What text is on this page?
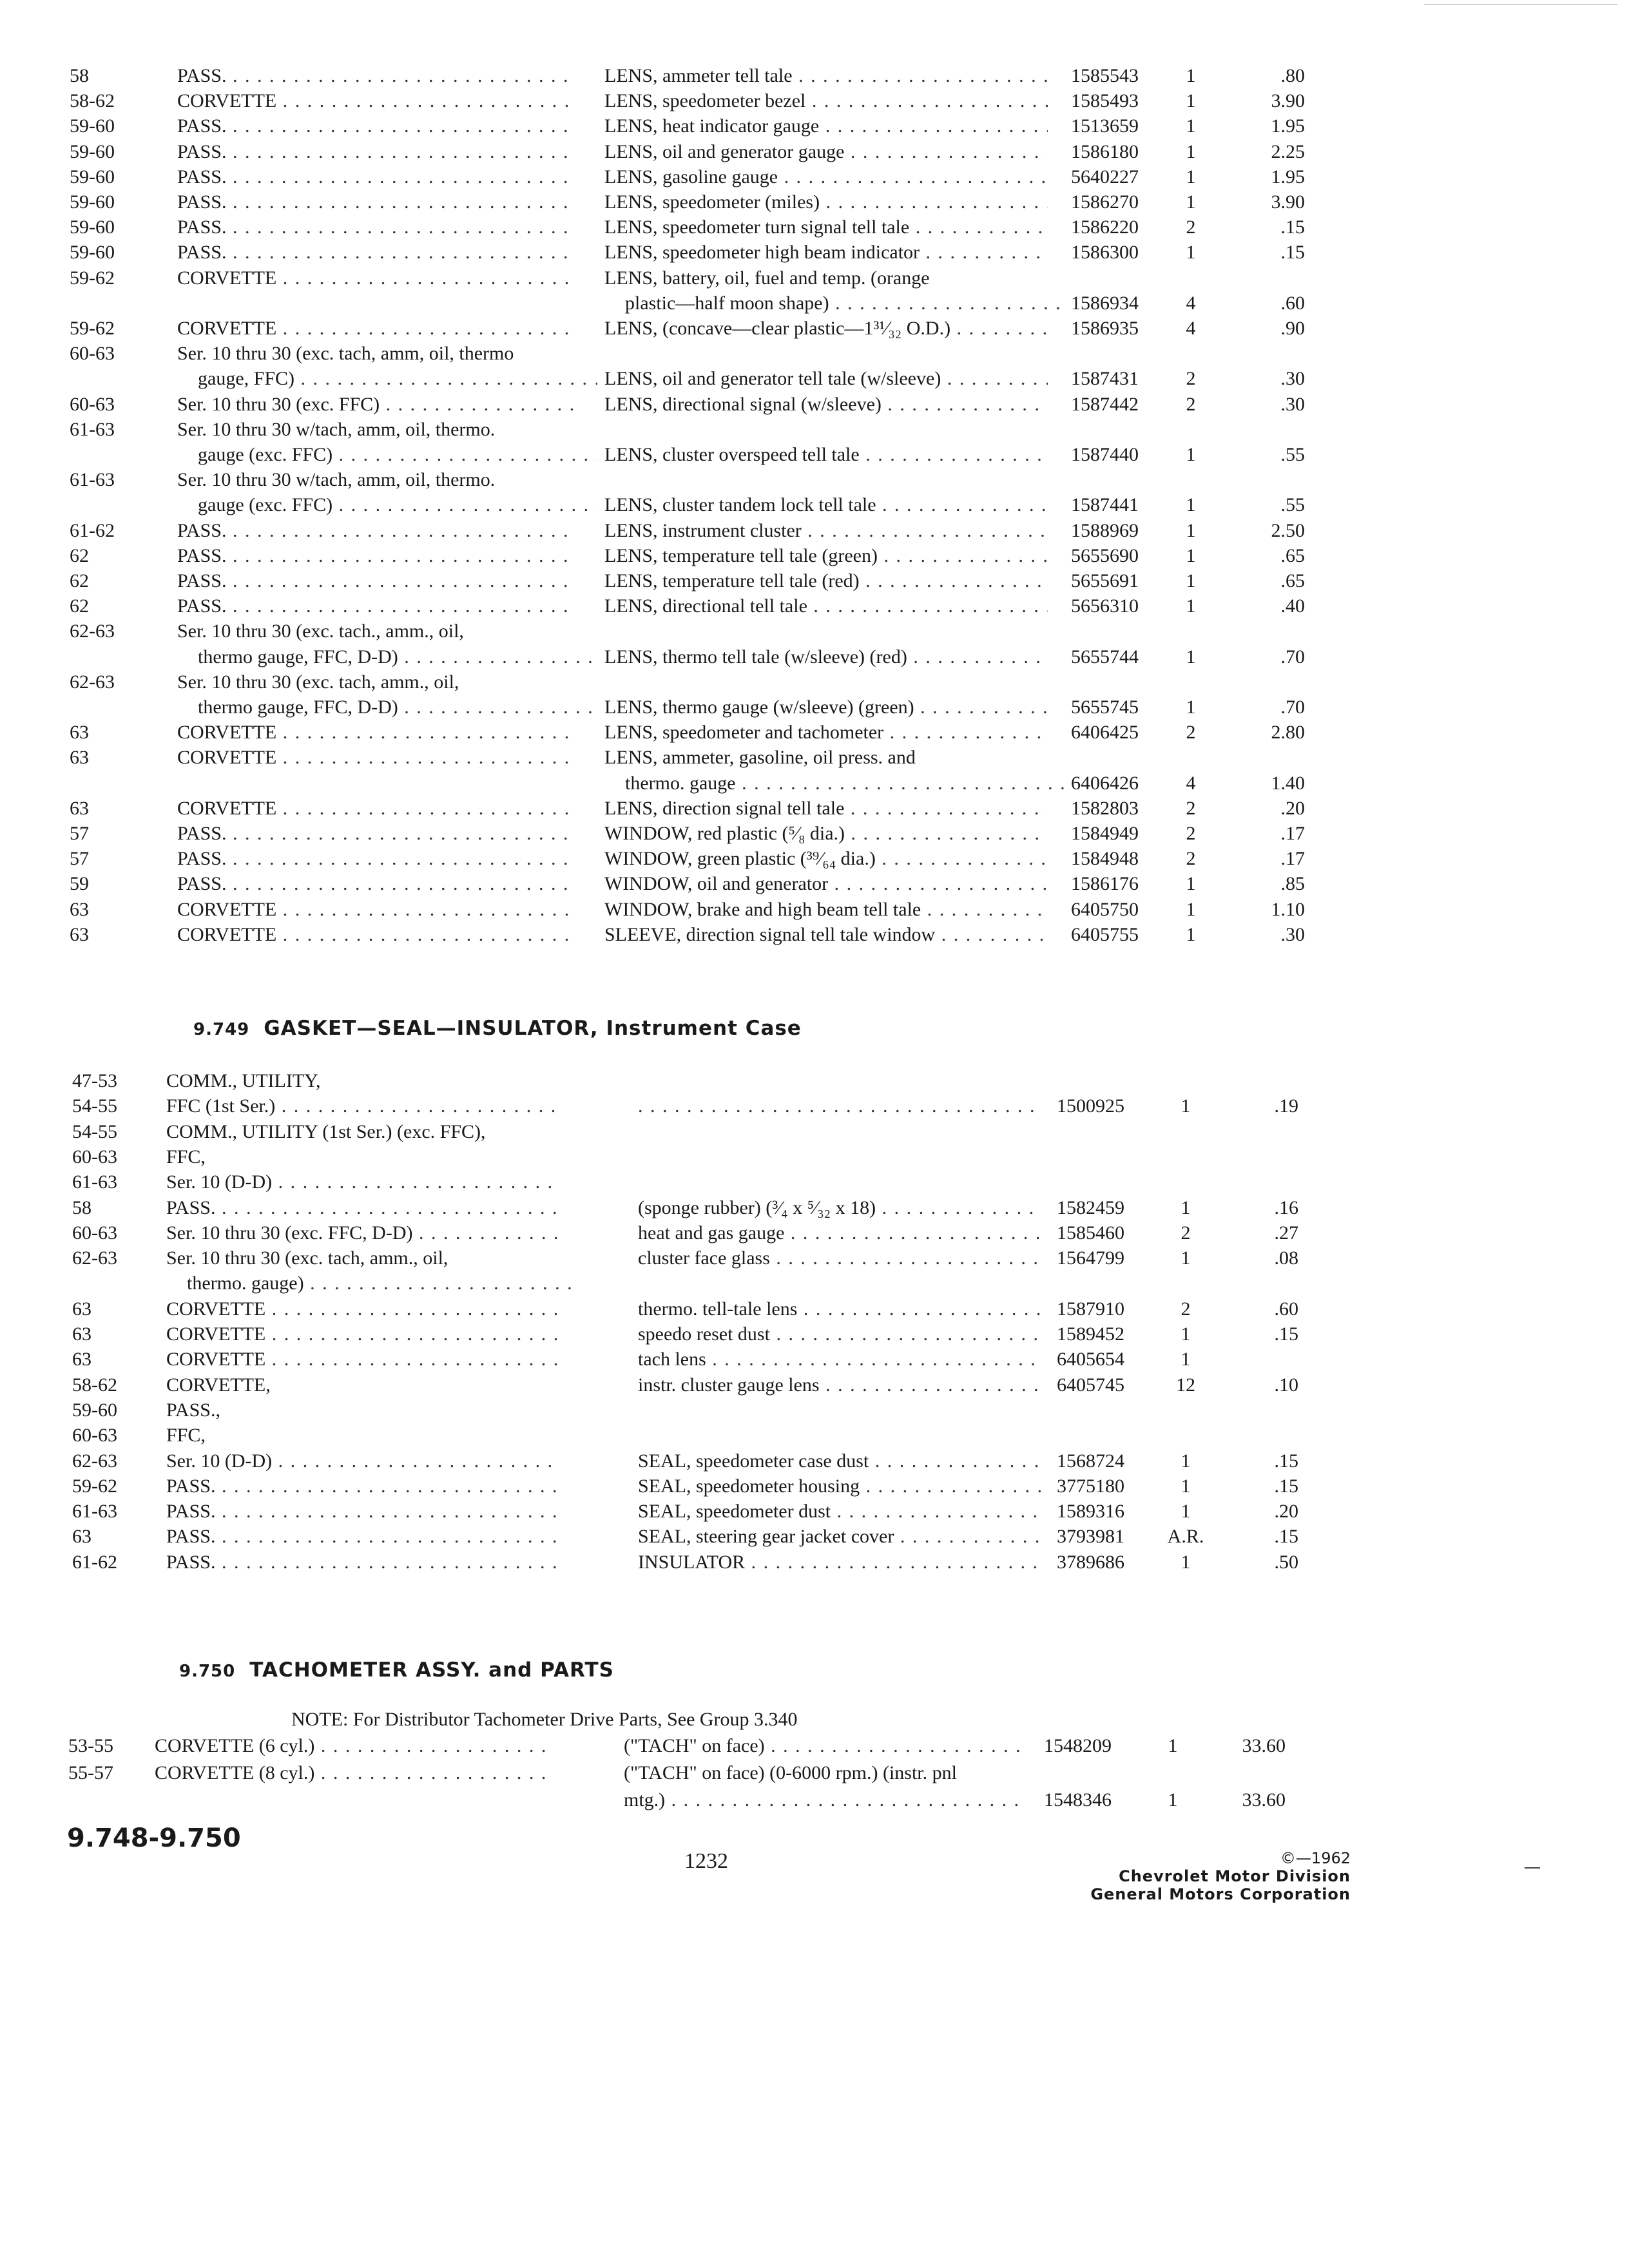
58	PASS. . . .	LENS, ammeter tell tale . . .	1585543	1	.80
58-62	CORVETTE . . .	LENS, speedometer bezel . . .	1585493	1	3.90
59-60	PASS. . . .	LENS, heat indicator gauge . . .	1513659	1	1.95
59-60	PASS. . . .	LENS, oil and generator gauge . . .	1586180	1	2.25
59-60	PASS. . . .	LENS, gasoline gauge . . .	5640227	1	1.95
59-60	PASS. . . .	LENS, speedometer (miles) . . .	1586270	1	3.90
59-60	PASS. . . .	LENS, speedometer turn signal tell tale . . .	1586220	2	.15
59-60	PASS. . . .	LENS, speedometer high beam indicator . . .	1586300	1	.15
59-62	CORVETTE . . .	LENS, battery, oil, fuel and temp. (orange
plastic—half moon shape) . . .	1586934	4	.60
59-62	CORVETTE . . .	LENS, (concave—clear plastic—1³¹⁄₃₂ O.D.) . . .	1586935	4	.90
60-63	Ser. 10 thru 30 (exc. tach, amm, oil, thermo
gauge, FFC) . . .	LENS, oil and generator tell tale (w/sleeve) . . .	1587431	2	.30
60-63	Ser. 10 thru 30 (exc. FFC) . . .	LENS, directional signal (w/sleeve) . . .	1587442	2	.30
61-63	Ser. 10 thru 30 w/tach, amm, oil, thermo.
gauge (exc. FFC) . . .	LENS, cluster overspeed tell tale . . .	1587440	1	.55
61-63	Ser. 10 thru 30 w/tach, amm, oil, thermo.
gauge (exc. FFC) . . .	LENS, cluster tandem lock tell tale . . .	1587441	1	.55
61-62	PASS. . . .	LENS, instrument cluster . . .	1588969	1	2.50
62	PASS. . . .	LENS, temperature tell tale (green) . . .	5655690	1	.65
62	PASS. . . .	LENS, temperature tell tale (red) . . .	5655691	1	.65
62	PASS. . . .	LENS, directional tell tale . . .	5656310	1	.40
62-63	Ser. 10 thru 30 (exc. tach., amm., oil,
thermo gauge, FFC, D-D) . . .	LENS, thermo tell tale (w/sleeve) (red) . . .	5655744	1	.70
62-63	Ser. 10 thru 30 (exc. tach, amm., oil,
thermo gauge, FFC, D-D) . . .	LENS, thermo gauge (w/sleeve) (green) . . .	5655745	1	.70
63	CORVETTE . . .	LENS, speedometer and tachometer . . .	6406425	2	2.80
63	CORVETTE . . .	LENS, ammeter, gasoline, oil press. and
thermo. gauge . . .	6406426	4	1.40
63	CORVETTE . . .	LENS, direction signal tell tale . . .	1582803	2	.20
57	PASS. . . .	WINDOW, red plastic (⁵⁄₈ dia.) . . .	1584949	2	.17
57	PASS. . . .	WINDOW, green plastic (³⁹⁄₆₄ dia.) . . .	1584948	2	.17
59	PASS. . . .	WINDOW, oil and generator . . .	1586176	1	.85
63	CORVETTE . . .	WINDOW, brake and high beam tell tale . . .	6405750	1	1.10
63	CORVETTE . . .	SLEEVE, direction signal tell tale window . . .	6405755	1	.30
9.749 GASKET—SEAL—INSULATOR, Instrument Case
47-53	COMM., UTILITY,
54-55	FFC (1st Ser.) . . .
. . .	1500925	1	.19
54-55	COMM., UTILITY (1st Ser.) (exc. FFC),
60-63	FFC,
61-63	Ser. 10 (D-D) . . .
58	PASS. . . .	(sponge rubber) (³⁄₄ x ⁵⁄₃₂ x 18) . . .	1582459	1	.16
60-63	Ser. 10 thru 30 (exc. FFC, D-D) . . .	heat and gas gauge . . .	1585460	2	.27
62-63	Ser. 10 thru 30 (exc. tach, amm., oil,	cluster face glass . . .	1564799	1	.08
thermo. gauge) . . .
63	CORVETTE . . .	thermo. tell-tale lens . . .	1587910	2	.60
63	CORVETTE . . .	speedo reset dust . . .	1589452	1	.15
63	CORVETTE . . .	tach lens . . .	6405654	1
58-62	CORVETTE,	instr. cluster gauge lens . . .	6405745	12	.10
59-60	PASS.,
60-63	FFC,
62-63	Ser. 10 (D-D) . . .	SEAL, speedometer case dust . . .	1568724	1	.15
59-62	PASS. . . .	SEAL, speedometer housing . . .	3775180	1	.15
61-63	PASS. . . .	SEAL, speedometer dust . . .	1589316	1	.20
63	PASS. . . .	SEAL, steering gear jacket cover . . .	3793981	A.R.	.15
61-62	PASS. . . .	INSULATOR . . .	3789686	1	.50
9.750 TACHOMETER ASSY. and PARTS
NOTE: For Distributor Tachometer Drive Parts, See Group 3.340
53-55	CORVETTE (6 cyl.) . . .	("TACH" on face) . . .	1548209	1	33.60
55-57	CORVETTE (8 cyl.) . . .	("TACH" on face) (0-6000 rpm.) (instr. pnl
mtg.) . . .	1548346	1	33.60
9.748-9.750
1232	©—1962
Chevrolet Motor Division
General Motors Corporation
